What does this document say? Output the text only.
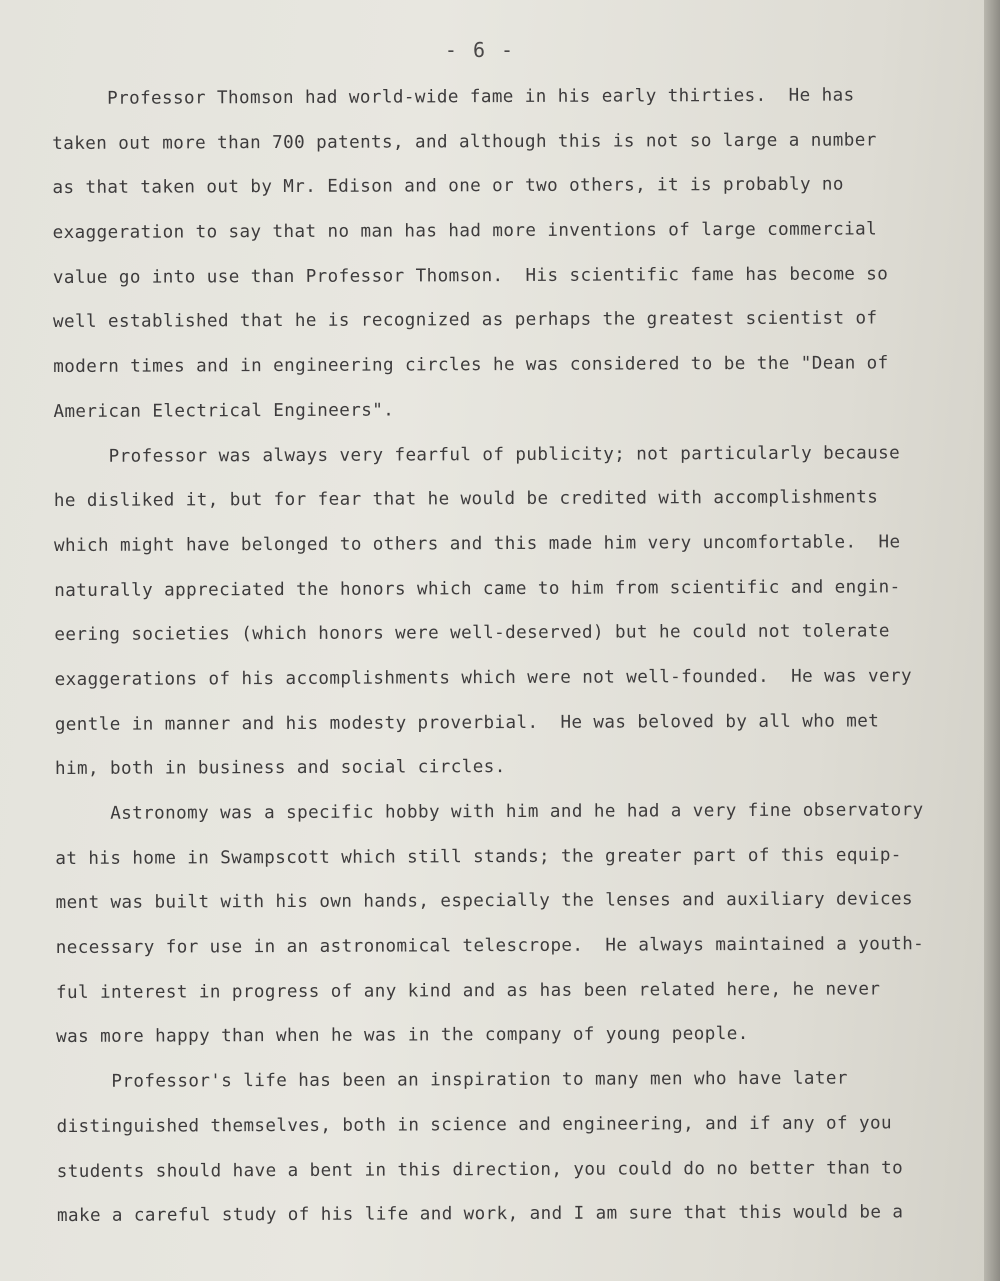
- 6 -
Professor Thomson had world-wide fame in his early thirties.  He has
taken out more than 700 patents, and although this is not so large a number
as that taken out by Mr. Edison and one or two others, it is probably no
exaggeration to say that no man has had more inventions of large commercial
value go into use than Professor Thomson.  His scientific fame has become so
well established that he is recognized as perhaps the greatest scientist of
modern times and in engineering circles he was considered to be the "Dean of
American Electrical Engineers".
Professor was always very fearful of publicity; not particularly because
he disliked it, but for fear that he would be credited with accomplishments
which might have belonged to others and this made him very uncomfortable.  He
naturally appreciated the honors which came to him from scientific and engin-
eering societies (which honors were well-deserved) but he could not tolerate
exaggerations of his accomplishments which were not well-founded.  He was very
gentle in manner and his modesty proverbial.  He was beloved by all who met
him, both in business and social circles.
Astronomy was a specific hobby with him and he had a very fine observatory
at his home in Swampscott which still stands; the greater part of this equip-
ment was built with his own hands, especially the lenses and auxiliary devices
necessary for use in an astronomical telescrope.  He always maintained a youth-
ful interest in progress of any kind and as has been related here, he never
was more happy than when he was in the company of young people.
Professor's life has been an inspiration to many men who have later
distinguished themselves, both in science and engineering, and if any of you
students should have a bent in this direction, you could do no better than to
make a careful study of his life and work, and I am sure that this would be a
